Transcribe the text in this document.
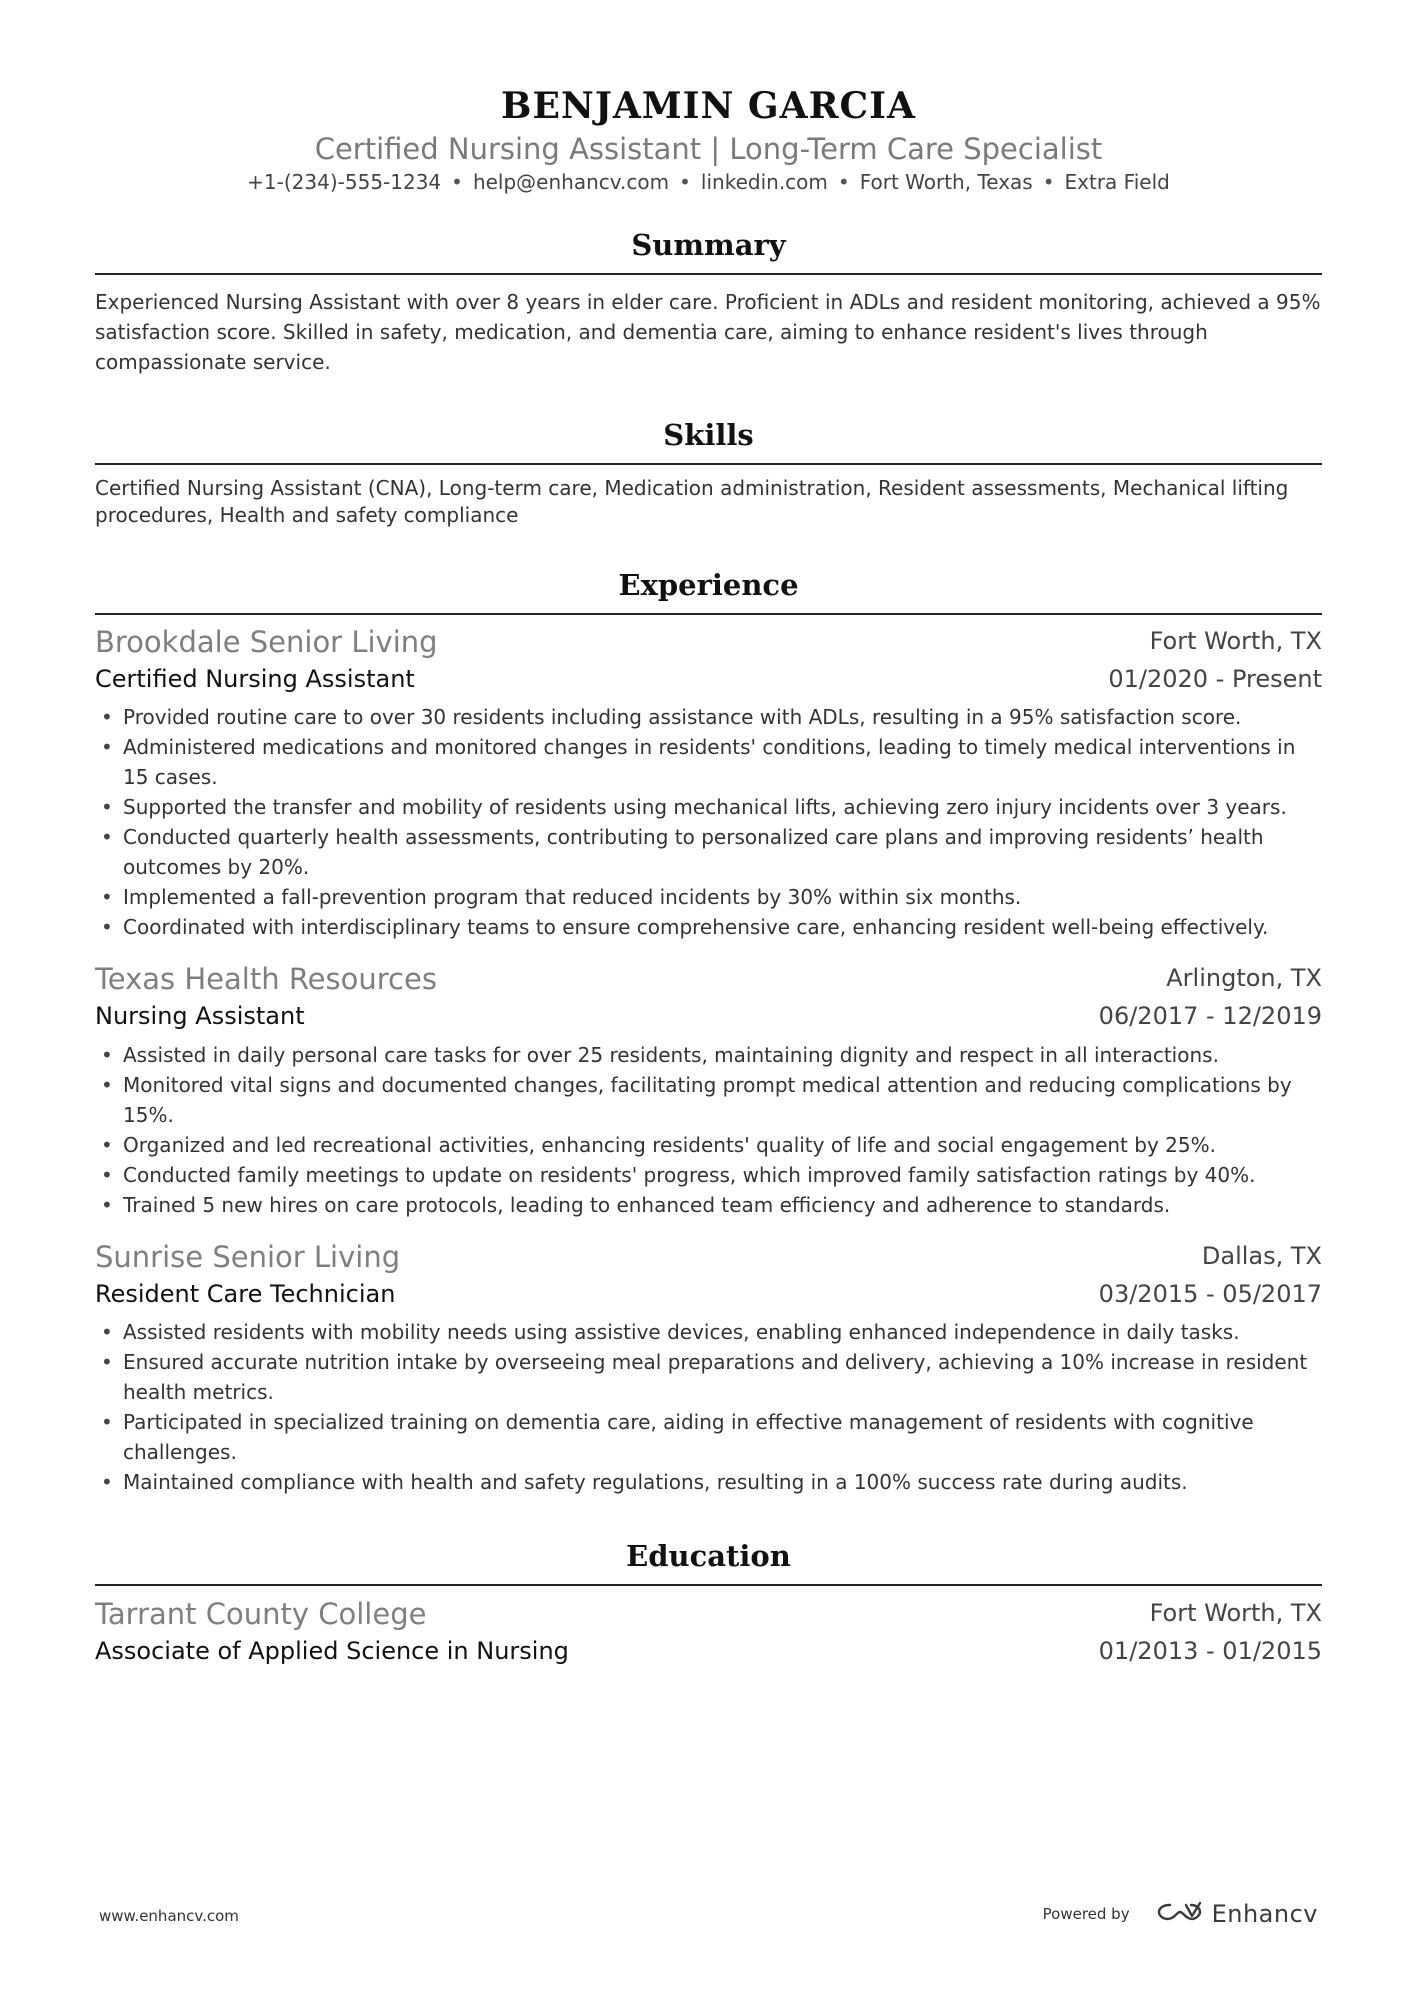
BENJAMIN GARCIA
Certified Nursing Assistant | Long-Term Care Specialist
+1-(234)-555-1234 • help@enhancv.com • linkedin.com • Fort Worth, Texas • Extra Field
Summary
Experienced Nursing Assistant with over 8 years in elder care. Proficient in ADLs and resident monitoring, achieved a 95% satisfaction score. Skilled in safety, medication, and dementia care, aiming to enhance resident's lives through compassionate service.
Skills
Certified Nursing Assistant (CNA), Long-term care, Medication administration, Resident assessments, Mechanical lifting procedures, Health and safety compliance
Experience
Brookdale Senior Living	Fort Worth, TX
Certified Nursing Assistant	01/2020 - Present
• Provided routine care to over 30 residents including assistance with ADLs, resulting in a 95% satisfaction score.
• Administered medications and monitored changes in residents' conditions, leading to timely medical interventions in 15 cases.
• Supported the transfer and mobility of residents using mechanical lifts, achieving zero injury incidents over 3 years.
• Conducted quarterly health assessments, contributing to personalized care plans and improving residents’ health outcomes by 20%.
• Implemented a fall-prevention program that reduced incidents by 30% within six months.
• Coordinated with interdisciplinary teams to ensure comprehensive care, enhancing resident well-being effectively.
Texas Health Resources	Arlington, TX
Nursing Assistant	06/2017 - 12/2019
• Assisted in daily personal care tasks for over 25 residents, maintaining dignity and respect in all interactions.
• Monitored vital signs and documented changes, facilitating prompt medical attention and reducing complications by 15%.
• Organized and led recreational activities, enhancing residents' quality of life and social engagement by 25%.
• Conducted family meetings to update on residents' progress, which improved family satisfaction ratings by 40%.
• Trained 5 new hires on care protocols, leading to enhanced team efficiency and adherence to standards.
Sunrise Senior Living	Dallas, TX
Resident Care Technician	03/2015 - 05/2017
• Assisted residents with mobility needs using assistive devices, enabling enhanced independence in daily tasks.
• Ensured accurate nutrition intake by overseeing meal preparations and delivery, achieving a 10% increase in resident health metrics.
• Participated in specialized training on dementia care, aiding in effective management of residents with cognitive challenges.
• Maintained compliance with health and safety regulations, resulting in a 100% success rate during audits.
Education
Tarrant County College	Fort Worth, TX
Associate of Applied Science in Nursing	01/2013 - 01/2015
www.enhancv.com	Powered by	Enhancv
